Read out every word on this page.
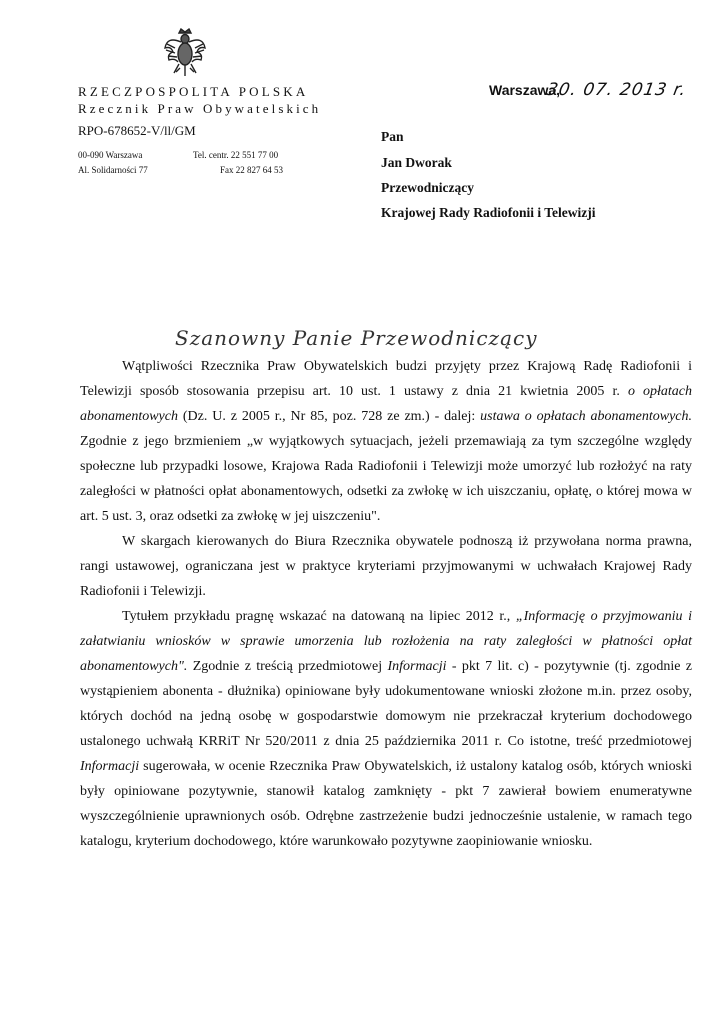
RZECZPOSPOLITA POLSKA
Rzecznik Praw Obywatelskich
RPO-678652-V/ll/GM
00-090 Warszawa
Al. Solidarności 77
Tel. centr. 22 551 77 00
Fax 22 827 64 53
Warszawa,
30. 07. 2013 r.
Pan
Jan Dworak
Przewodniczący
Krajowej Rady Radiofonii i Telewizji
Szanowny Panie Przewodniczący

Wątpliwości Rzecznika Praw Obywatelskich budzi przyjęty przez Krajową Radę Radiofonii i Telewizji sposób stosowania przepisu art. 10 ust. 1 ustawy z dnia 21 kwietnia 2005 r. o opłatach abonamentowych (Dz. U. z 2005 r., Nr 85, poz. 728 ze zm.) - dalej: ustawa o opłatach abonamentowych. Zgodnie z jego brzmieniem „w wyjątkowych sytuacjach, jeżeli przemawiają za tym szczególne względy społeczne lub przypadki losowe, Krajowa Rada Radiofonii i Telewizji może umorzyć lub rozłożyć na raty zaległości w płatności opłat abonamentowych, odsetki za zwłokę w ich uiszczaniu, opłatę, o której mowa w art. 5 ust. 3, oraz odsetki za zwłokę w jej uiszczeniu".

W skargach kierowanych do Biura Rzecznika obywatele podnoszą iż przywołana norma prawna, rangi ustawowej, ograniczana jest w praktyce kryteriami przyjmowanymi w uchwałach Krajowej Rady Radiofonii i Telewizji.

Tytułem przykładu pragnę wskazać na datowaną na lipiec 2012 r., „Informację o przyjmowaniu i załatwianiu wniosków w sprawie umorzenia lub rozłożenia na raty zaległości w płatności opłat abonamentowych". Zgodnie z treścią przedmiotowej Informacji - pkt 7 lit. c) - pozytywnie (tj. zgodnie z wystąpieniem abonenta - dłużnika) opiniowane były udokumentowane wnioski złożone m.in. przez osoby, których dochód na jedną osobę w gospodarstwie domowym nie przekraczał kryterium dochodowego ustalonego uchwałą KRRiT Nr 520/2011 z dnia 25 października 2011 r. Co istotne, treść przedmiotowej Informacji sugerowała, w ocenie Rzecznika Praw Obywatelskich, iż ustalony katalog osób, których wnioski były opiniowane pozytywnie, stanowił katalog zamknięty - pkt 7 zawierał bowiem enumeratywne wyszczególnienie uprawnionych osób. Odrębne zastrzeżenie budzi jednocześnie ustalenie, w ramach tego katalogu, kryterium dochodowego, które warunkowało pozytywne zaopiniowanie wniosku.
